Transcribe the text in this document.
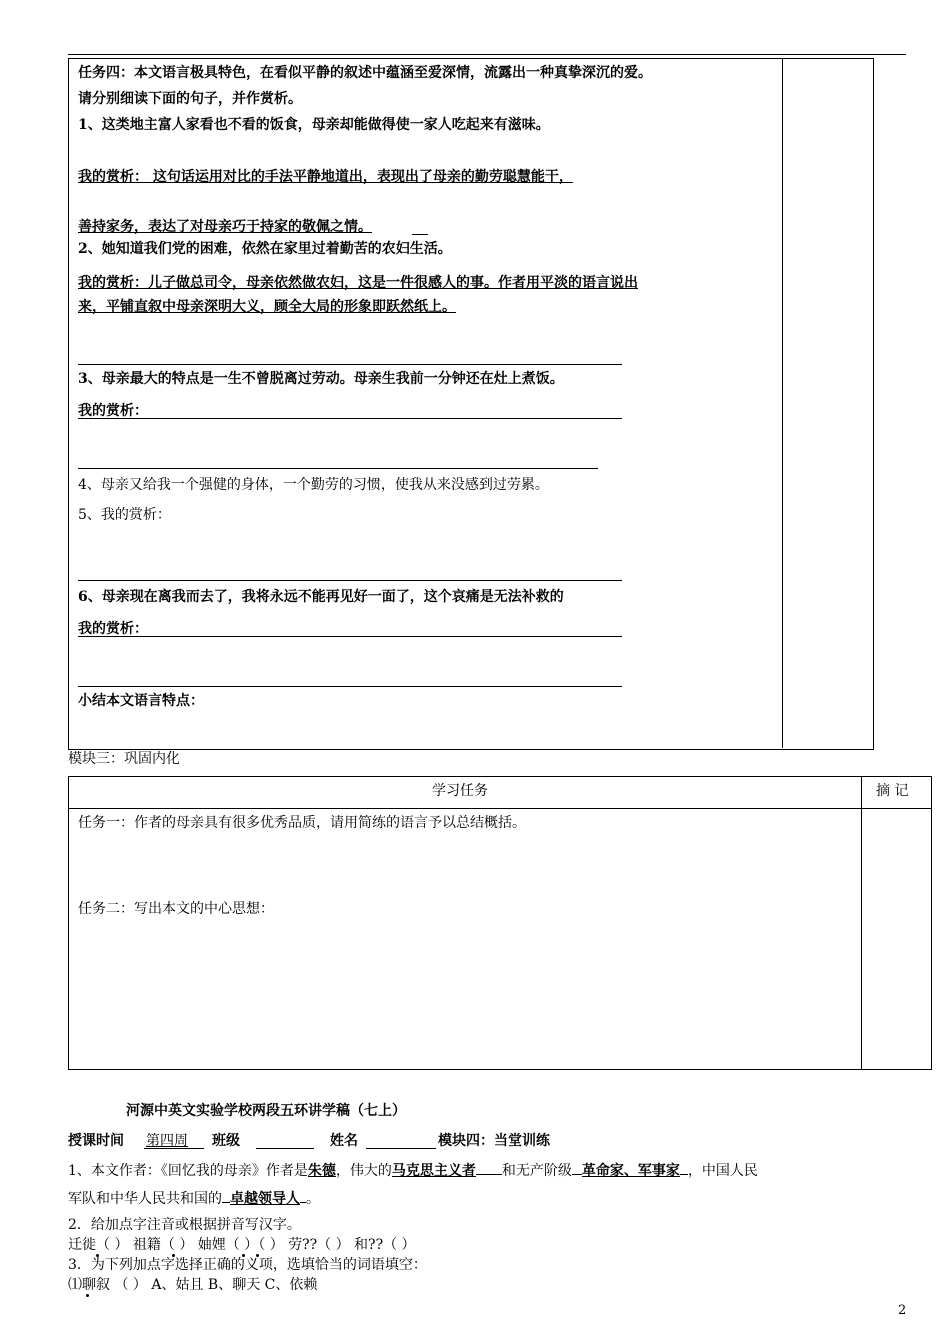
任务四：本文语言极具特色，在看似平静的叙述中蕴涵至爱深情，流露出一种真挚深沉的爱。
请分别细读下面的句子，并作赏析。
1、这类地主富人家看也不看的饭食，母亲却能做得使一家人吃起来有滋味。
我的赏析： 这句话运用对比的手法平静地道出，表现出了母亲的勤劳聪慧能干，
善持家务，表达了对母亲巧于持家的敬佩之情。
2、她知道我们党的困难，依然在家里过着勤苦的农妇生活。
我的赏析：儿子做总司令，母亲依然做农妇，这是一件很感人的事。作者用平淡的语言说出
来，平铺直叙中母亲深明大义，顾全大局的形象即跃然纸上。
3、母亲最大的特点是一生不曾脱离过劳动。母亲生我前一分钟还在灶上煮饭。
我的赏析：
4、母亲又给我一个强健的身体，一个勤劳的习惯，使我从来没感到过劳累。
5、我的赏析：
6、母亲现在离我而去了，我将永远不能再见好一面了，这个哀痛是无法补救的
我的赏析：
小结本文语言特点：
模块三：巩固内化
学习任务	摘 记
任务一：作者的母亲具有很多优秀品质，请用简练的语言予以总结概括。
任务二：写出本文的中心思想：
河源中英文实验学校两段五环讲学稿（七上）
授课时间 第四周 班级	姓名	模块四：当堂训练
1、本文作者：《回忆我的母亲》作者是朱德，伟大的马克思主义者 和无产阶级 革命家、军事家 ，中国人民
军队和中华人民共和国的 卓越领导人 。
2．给加点字注音或根据拼音写汉字。
迁徙（ ） 祖籍（ ） 妯娌（ ）（ ） 劳??（ ） 和??（ ）
3．为下列加点字选择正确的义项，选填恰当的词语填空：
⑴聊叙 （ ） A、姑且 B、聊天 C、依赖
2
